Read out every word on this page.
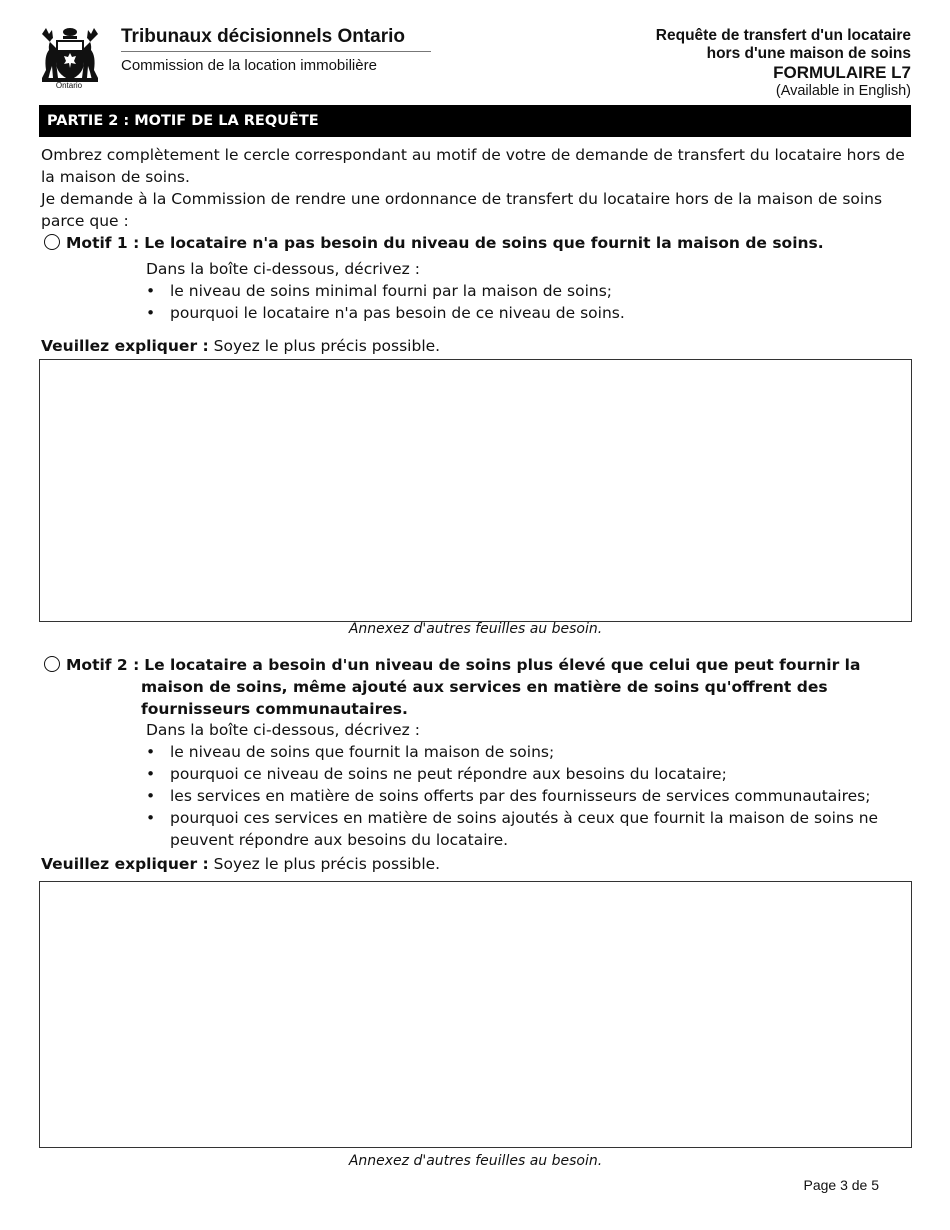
Ontario
Tribunaux décisionnels Ontario
Commission de la location immobilière
Requête de transfert d'un locataire
hors d'une maison de soins
FORMULAIRE L7
(Available in English)
PARTIE 2 : MOTIF DE LA REQUÊTE
Ombrez complètement le cercle correspondant au motif de votre de demande de transfert du locataire hors de la maison de soins.
Je demande à la Commission de rendre une ordonnance de transfert du locataire hors de la maison de soins parce que :
Motif 1 : Le locataire n'a pas besoin du niveau de soins que fournit la maison de soins.
Dans la boîte ci-dessous, décrivez :
• le niveau de soins minimal fourni par la maison de soins;
• pourquoi le locataire n'a pas besoin de ce niveau de soins.
Veuillez expliquer : Soyez le plus précis possible.
Annexez d'autres feuilles au besoin.
Motif 2 : Le locataire a besoin d'un niveau de soins plus élevé que celui que peut fournir la
maison de soins, même ajouté aux services en matière de soins qu'offrent des
fournisseurs communautaires.
Dans la boîte ci-dessous, décrivez :
• le niveau de soins que fournit la maison de soins;
• pourquoi ce niveau de soins ne peut répondre aux besoins du locataire;
• les services en matière de soins offerts par des fournisseurs de services communautaires;
• pourquoi ces services en matière de soins ajoutés à ceux que fournit la maison de soins ne peuvent répondre aux besoins du locataire.
Veuillez expliquer : Soyez le plus précis possible.
Annexez d'autres feuilles au besoin.
Page 3 de 5
